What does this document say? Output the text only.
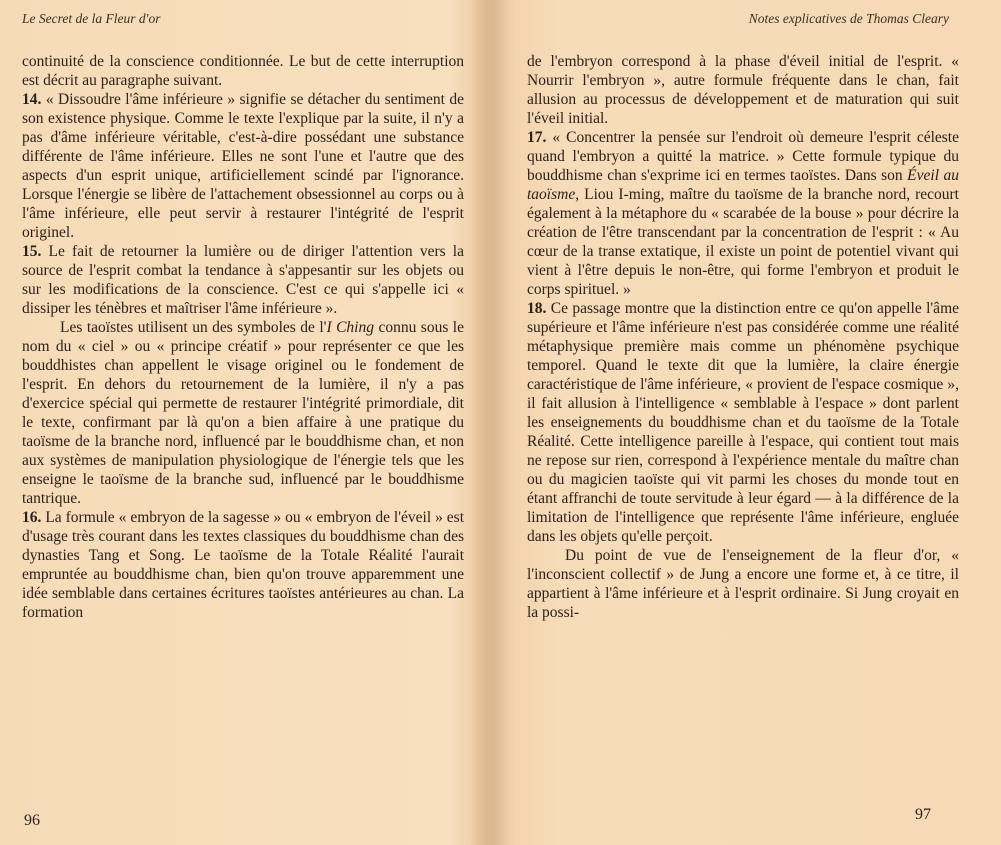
Le Secret de la Fleur d'or

continuité de la conscience conditionnée. Le but de cette interruption est décrit au paragraphe suivant.

14. « Dissoudre l'âme inférieure » signifie se détacher du sentiment de son existence physique. Comme le texte l'explique par la suite, il n'y a pas d'âme inférieure véritable, c'est-à-dire possédant une substance différente de l'âme inférieure. Elles ne sont l'une et l'autre que des aspects d'un esprit unique, artificiellement scindé par l'ignorance. Lorsque l'énergie se libère de l'attachement obsessionnel au corps ou à l'âme inférieure, elle peut servir à restaurer l'intégrité de l'esprit originel.

15. Le fait de retourner la lumière ou de diriger l'attention vers la source de l'esprit combat la tendance à s'appesantir sur les objets ou sur les modifications de la conscience. C'est ce qui s'appelle ici « dissiper les ténèbres et maîtriser l'âme inférieure ».

Les taoïstes utilisent un des symboles de l'I Ching connu sous le nom du « ciel » ou « principe créatif » pour représenter ce que les bouddhistes chan appellent le visage originel ou le fondement de l'esprit. En dehors du retournement de la lumière, il n'y a pas d'exercice spécial qui permette de restaurer l'intégrité primordiale, dit le texte, confirmant par là qu'on a bien affaire à une pratique du taoïsme de la branche nord, influencé par le bouddhisme chan, et non aux systèmes de manipulation physiologique de l'énergie tels que les enseigne le taoïsme de la branche sud, influencé par le bouddhisme tantrique.

16. La formule « embryon de la sagesse » ou « embryon de l'éveil » est d'usage très courant dans les textes classiques du bouddhisme chan des dynasties Tang et Song. Le taoïsme de la Totale Réalité l'aurait empruntée au bouddhisme chan, bien qu'on trouve apparemment une idée semblable dans certaines écritures taoïstes antérieures au chan. La formation

96
Notes explicatives de Thomas Cleary

de l'embryon correspond à la phase d'éveil initial de l'esprit. « Nourrir l'embryon », autre formule fréquente dans le chan, fait allusion au processus de développement et de maturation qui suit l'éveil initial.

17. « Concentrer la pensée sur l'endroit où demeure l'esprit céleste quand l'embryon a quitté la matrice. » Cette formule typique du bouddhisme chan s'exprime ici en termes taoïstes. Dans son Éveil au taoïsme, Liou I-ming, maître du taoïsme de la branche nord, recourt également à la métaphore du « scarabée de la bouse » pour décrire la création de l'être transcendant par la concentration de l'esprit : « Au cœur de la transe extatique, il existe un point de potentiel vivant qui vient à l'être depuis le non-être, qui forme l'embryon et produit le corps spirituel. »

18. Ce passage montre que la distinction entre ce qu'on appelle l'âme supérieure et l'âme inférieure n'est pas considérée comme une réalité métaphysique première mais comme un phénomène psychique temporel. Quand le texte dit que la lumière, la claire énergie caractéristique de l'âme inférieure, « provient de l'espace cosmique », il fait allusion à l'intelligence « semblable à l'espace » dont parlent les enseignements du bouddhisme chan et du taoïsme de la Totale Réalité. Cette intelligence pareille à l'espace, qui contient tout mais ne repose sur rien, correspond à l'expérience mentale du maître chan ou du magicien taoïste qui vit parmi les choses du monde tout en étant affranchi de toute servitude à leur égard — à la différence de la limitation de l'intelligence que représente l'âme inférieure, engluée dans les objets qu'elle perçoit.

Du point de vue de l'enseignement de la fleur d'or, « l'inconscient collectif » de Jung a encore une forme et, à ce titre, il appartient à l'âme inférieure et à l'esprit ordinaire. Si Jung croyait en la possi-

97
